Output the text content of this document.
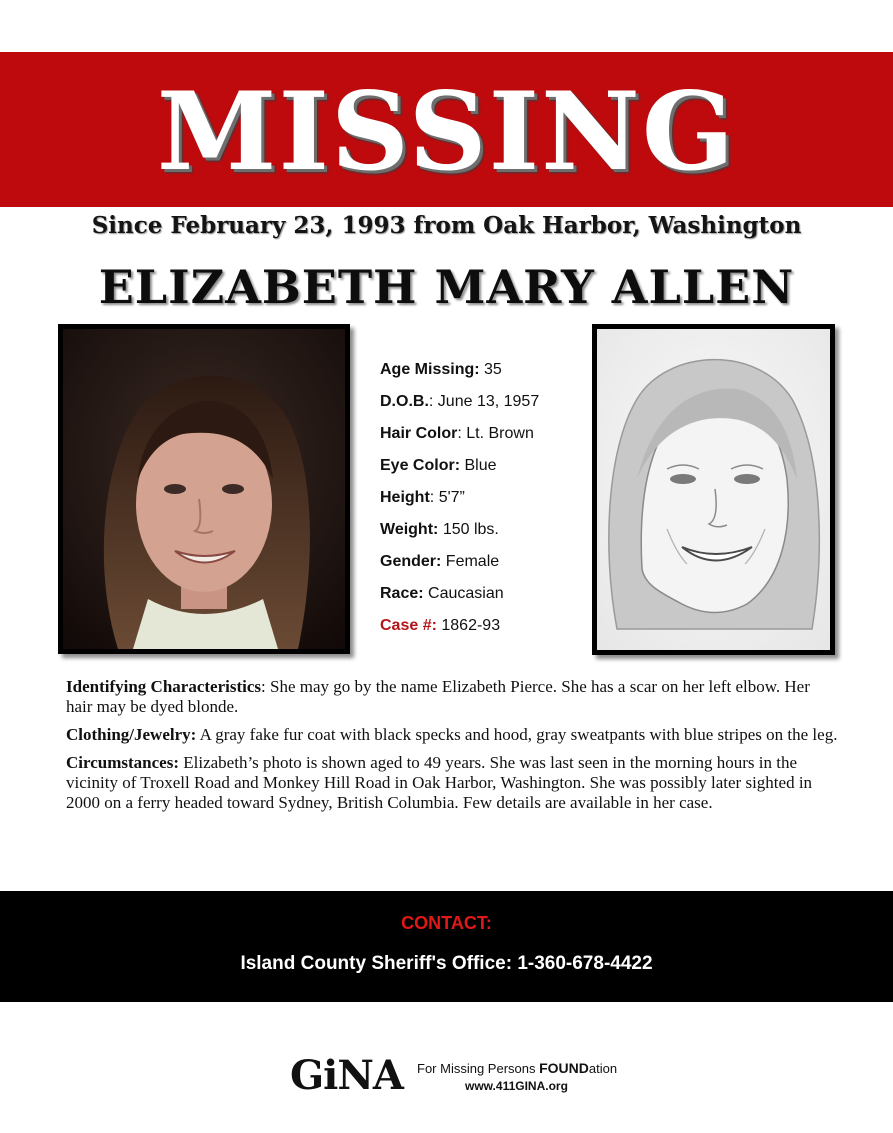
MISSING
Since February 23, 1993 from Oak Harbor, Washington
ELIZABETH MARY ALLEN
Age Missing: 35
D.O.B.: June 13, 1957
Hair Color: Lt. Brown
Eye Color: Blue
Height: 5'7”
Weight: 150 lbs.
Gender: Female
Race: Caucasian
Case #: 1862-93

Identifying Characteristics: She may go by the name Elizabeth Pierce. She has a scar on her left elbow. Her hair may be dyed blonde.

Clothing/Jewelry: A gray fake fur coat with black specks and hood, gray sweatpants with blue stripes on the leg.

Circumstances: Elizabeth’s photo is shown aged to 49 years. She was last seen in the morning hours in the vicinity of Troxell Road and Monkey Hill Road in Oak Harbor, Washington. She was possibly later sighted in 2000 on a ferry headed toward Sydney, British Columbia. Few details are available in her case.

CONTACT:
Island County Sheriff's Office: 1-360-678-4422
GiNA For Missing Persons FOUNDation
www.411GINA.org
